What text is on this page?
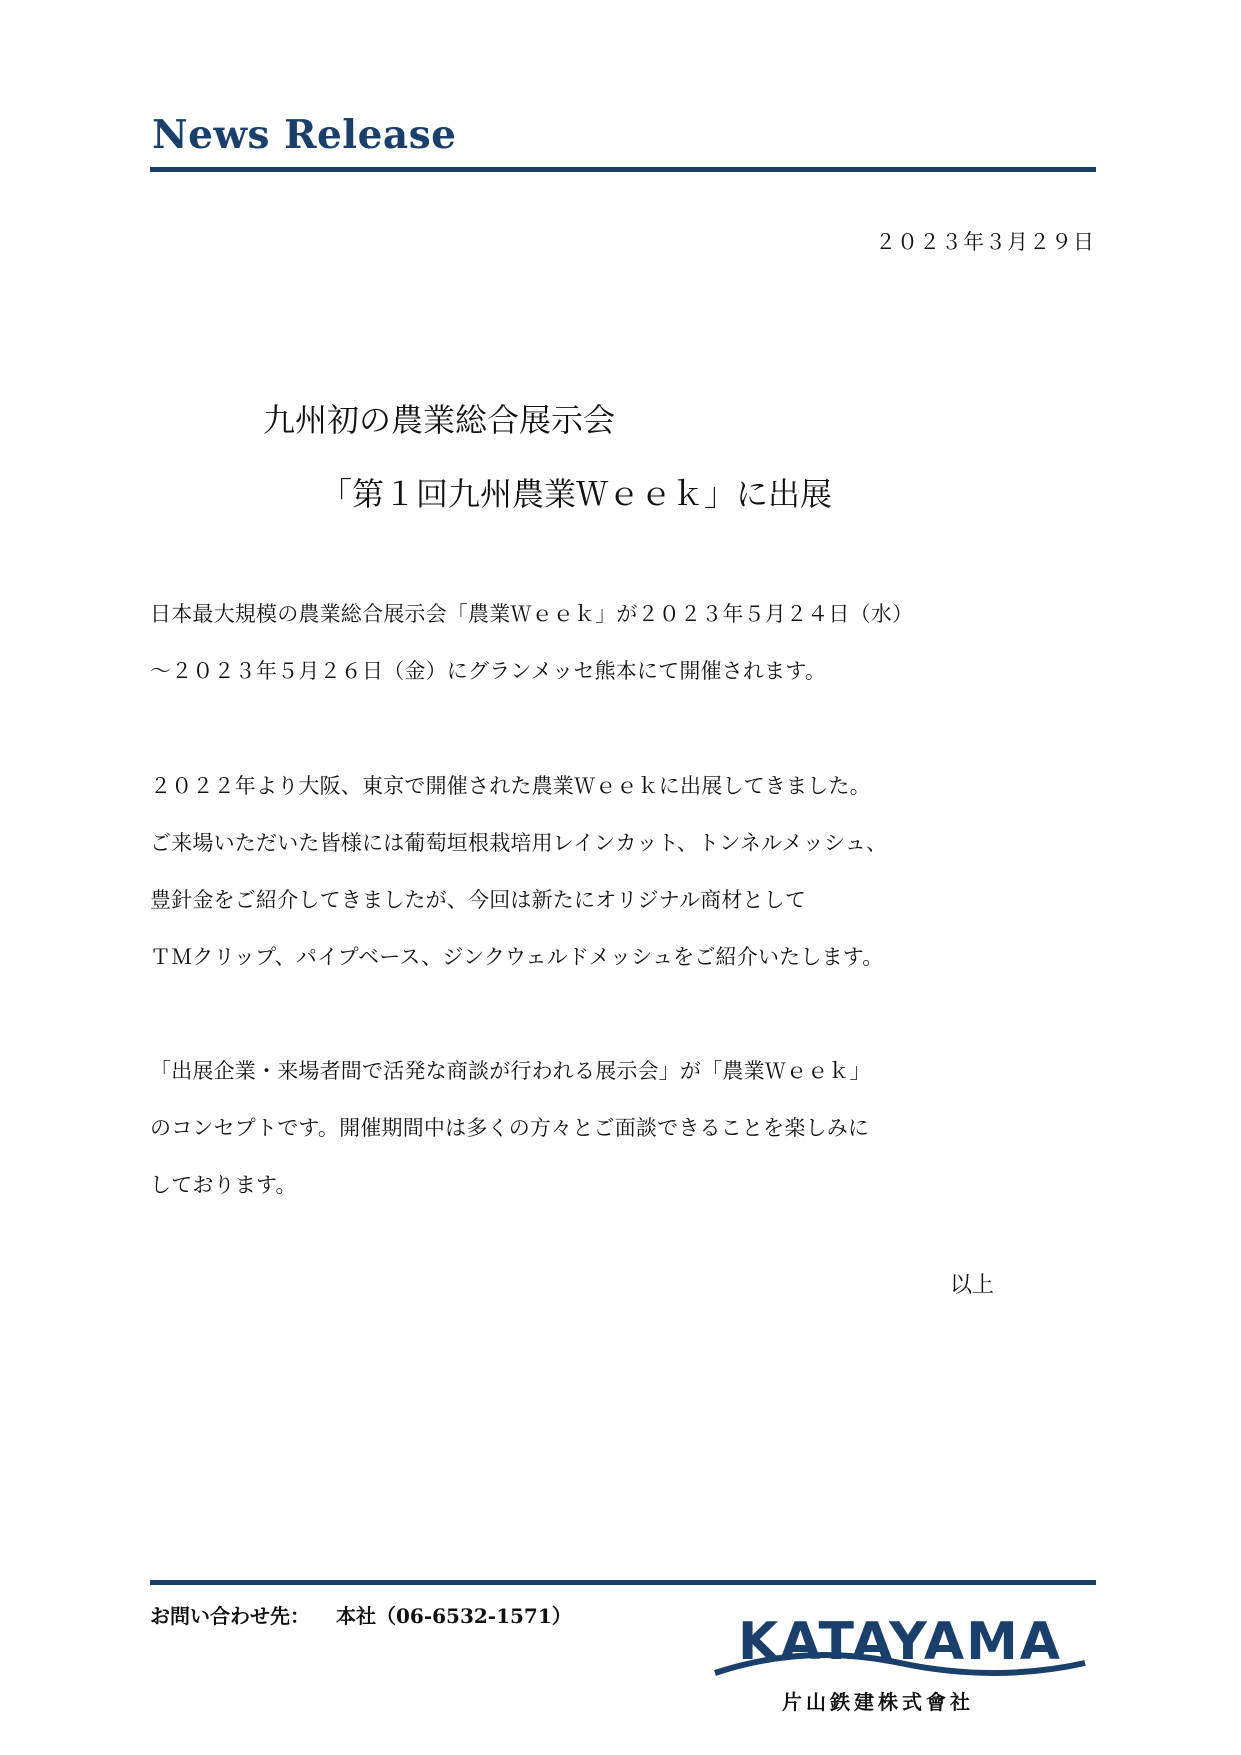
News Release
２０２３年３月２９日
九州初の農業総合展示会
「第１回九州農業Ｗｅｅｋ」に出展
日本最大規模の農業総合展示会「農業Ｗｅｅｋ」が２０２３年５月２４日（水）
～２０２３年５月２６日（金）にグランメッセ熊本にて開催されます。
２０２２年より大阪、東京で開催された農業Ｗｅｅｋに出展してきました。
ご来場いただいた皆様には葡萄垣根栽培用レインカット、トンネルメッシュ、
豊針金をご紹介してきましたが、今回は新たにオリジナル商材として
ＴＭクリップ、パイプベース、ジンクウェルドメッシュをご紹介いたします。
「出展企業・来場者間で活発な商談が行われる展示会」が「農業Ｗｅｅｋ」
のコンセプトです。開催期間中は多くの方々とご面談できることを楽しみに
しております。
以上
お問い合わせ先： 本社（06-6532-1571）	KATAYAMA
片山鉄建株式會社
